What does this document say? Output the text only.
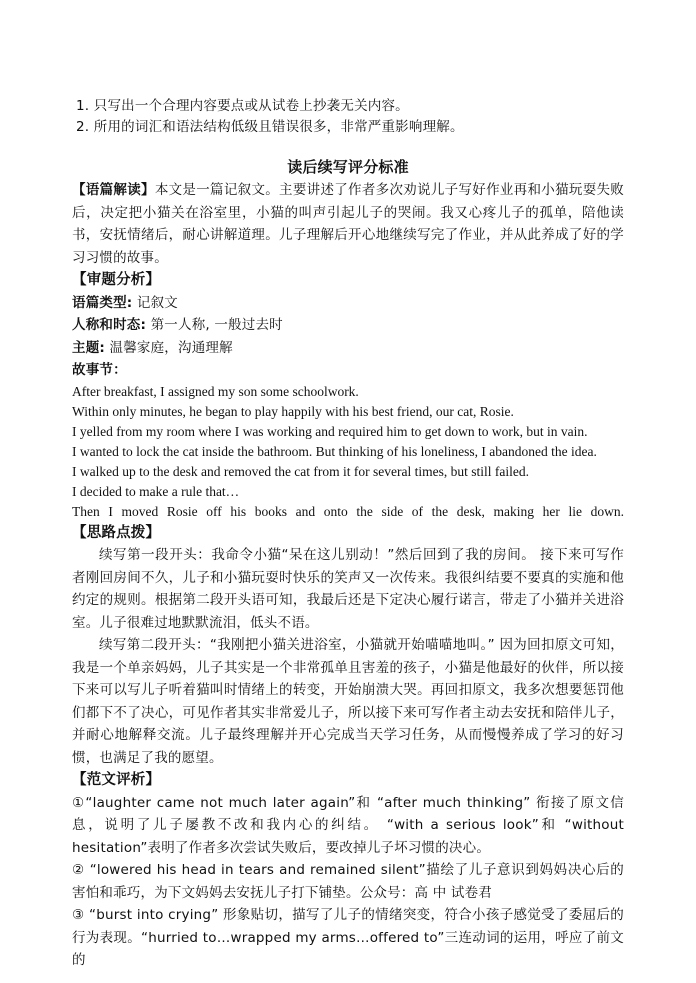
1. 只写出一个合理内容要点或从试卷上抄袭无关内容。
2. 所用的词汇和语法结构低级且错误很多，非常严重影响理解。
读后续写评分标准
【语篇解读】本文是一篇记叙文。主要讲述了作者多次劝说儿子写好作业再和小猫玩耍失败后，决定把小猫关在浴室里，小猫的叫声引起儿子的哭闹。我又心疼儿子的孤单，陪他读书，安抚情绪后，耐心讲解道理。儿子理解后开心地继续写完了作业，并从此养成了好的学习习惯的故事。
【审题分析】
语篇类型: 记叙文
人称和时态: 第一人称, 一般过去时
主题: 温馨家庭，沟通理解
故事节：

After breakfast, I assigned my son some schoolwork.

Within only minutes, he began to play happily with his best friend, our cat, Rosie.

I yelled from my room where I was working and required him to get down to work, but in vain.

I wanted to lock the cat inside the bathroom. But thinking of his loneliness, I abandoned the idea.

I walked up to the desk and removed the cat from it for several times, but still failed.

I decided to make a rule that…

Then I moved Rosie off his books and onto the side of the desk, making her lie down.

【思路点拨】
续写第一段开头：我命令小猫“呆在这儿别动！”然后回到了我的房间。 接下来可写作者刚回房间不久，儿子和小猫玩耍时快乐的笑声又一次传来。我很纠结要不要真的实施和他约定的规则。根据第二段开头语可知，我最后还是下定决心履行诺言，带走了小猫并关进浴室。儿子很难过地默默流泪，低头不语。
续写第二段开头：“我刚把小猫关进浴室，小猫就开始喵喵地叫。” 因为回扣原文可知，我是一个单亲妈妈，儿子其实是一个非常孤单且害羞的孩子，小猫是他最好的伙伴，所以接下来可以写儿子听着猫叫时情绪上的转变，开始崩溃大哭。再回扣原文，我多次想要惩罚他们都下不了决心，可见作者其实非常爱儿子，所以接下来可写作者主动去安抚和陪伴儿子，并耐心地解释交流。儿子最终理解并开心完成当天学习任务，从而慢慢养成了学习的好习惯，也满足了我的愿望。
【范文评析】
①“laughter came not much later again”和 “after much thinking” 衔接了原文信息，说明了儿子屡教不改和我内心的纠结。 “with a serious look”和 “without hesitation”表明了作者多次尝试失败后，要改掉儿子坏习惯的决心。
② “lowered his head in tears and remained silent”描绘了儿子意识到妈妈决心后的害怕和乖巧，为下文妈妈去安抚儿子打下铺垫。公众号：高 中 试卷君
③ “burst into crying” 形象贴切，描写了儿子的情绪突变，符合小孩子感觉受了委屈后的行为表现。“hurried to…wrapped my arms…offered to”三连动词的运用，呼应了前文的
